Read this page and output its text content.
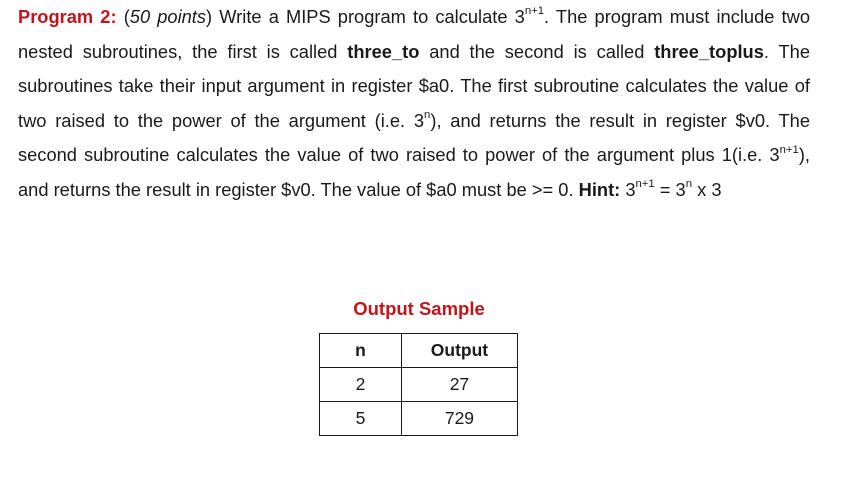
Program 2: (50 points) Write a MIPS program to calculate $3^{n+1}$. The program must include two nested subroutines, the first is called three_to and the second is called three_toplus. The subroutines take their input argument in register $a0. The first subroutine calculates the value of two raised to the power of the argument (i.e. 3$^n$), and returns the result in register $v0. The second subroutine calculates the value of two raised to power of the argument plus 1(i.e. $3^{n+1}$), and returns the result in register $v0. The value of $a0 must be >= 0. Hint: $3^{n+1} = 3^n$ x 3

Output Sample
n	Output
2	27
5	729
